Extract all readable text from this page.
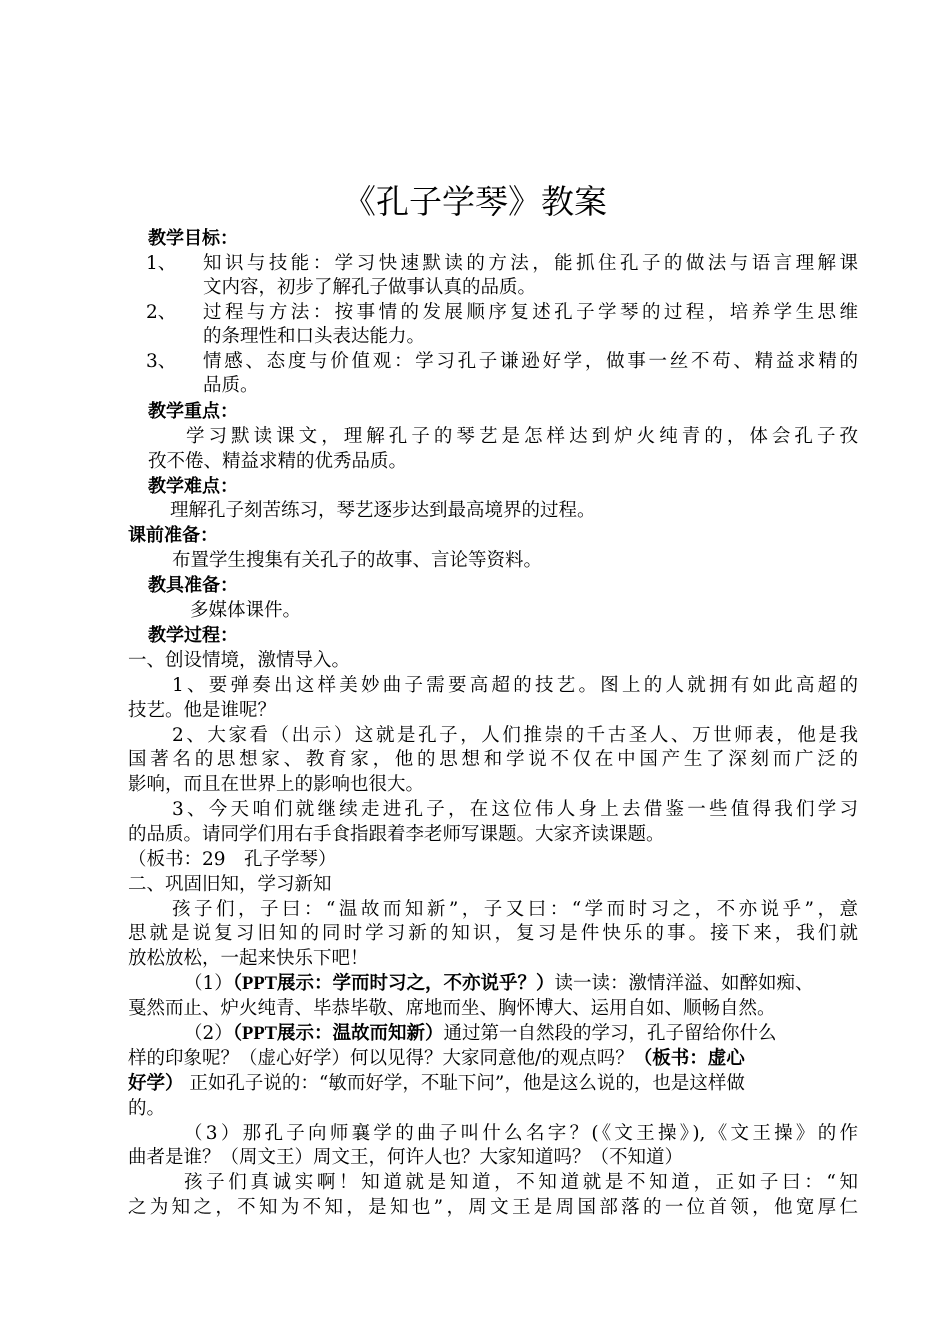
《孔子学琴》教案
教学目标：
1、 知识与技能：学习快速默读的方法，能抓住孔子的做法与语言理解课
文内容，初步了解孔子做事认真的品质。
2、 过程与方法：按事情的发展顺序复述孔子学琴的过程，培养学生思维
的条理性和口头表达能力。
3、 情感、态度与价值观：学习孔子谦逊好学，做事一丝不苟、精益求精的
品质。
教学重点：
学习默读课文，理解孔子的琴艺是怎样达到炉火纯青的，体会孔子孜
孜不倦、精益求精的优秀品质。
教学难点：
理解孔子刻苦练习，琴艺逐步达到最高境界的过程。
课前准备：
布置学生搜集有关孔子的故事、言论等资料。
教具准备：
多媒体课件。
教学过程：
一、创设情境，激情导入。
1、要弹奏出这样美妙曲子需要高超的技艺。图上的人就拥有如此高超的
技艺。他是谁呢？
2、大家看（出示）这就是孔子，人们推崇的千古圣人、万世师表，他是我
国著名的思想家、教育家，他的思想和学说不仅在中国产生了深刻而广泛的
影响，而且在世界上的影响也很大。
3、今天咱们就继续走进孔子，在这位伟人身上去借鉴一些值得我们学习
的品质。请同学们用右手食指跟着李老师写课题。大家齐读课题。
（板书：29　孔子学琴）
二、巩固旧知，学习新知
孩子们，子曰：“温故而知新”，子又曰：“学而时习之，不亦说乎”，意
思就是说复习旧知的同时学习新的知识，复习是件快乐的事。接下来，我们就
放松放松，一起来快乐下吧！
（1）（PPT展示：学而时习之，不亦说乎？）读一读：激情洋溢、如醉如痴、
戛然而止、炉火纯青、毕恭毕敬、席地而坐、胸怀博大、运用自如、顺畅自然。
（2）（PPT展示：温故而知新）通过第一自然段的学习，孔子留给你什么
样的印象呢？（虚心好学）何以见得？大家同意他/的观点吗？（板书：虚心
好学） 正如孔子说的：“敏而好学，不耻下问”，他是这么说的，也是这样做
的。
（3）那孔子向师襄学的曲子叫什么名字？(《文王操》),《文王操》的作
曲者是谁？（周文王）周文王，何许人也？大家知道吗？（不知道）
孩子们真诚实啊！知道就是知道，不知道就是不知道，正如子曰：“知
之为知之，不知为不知，是知也”，周文王是周国部落的一位首领，他宽厚仁
